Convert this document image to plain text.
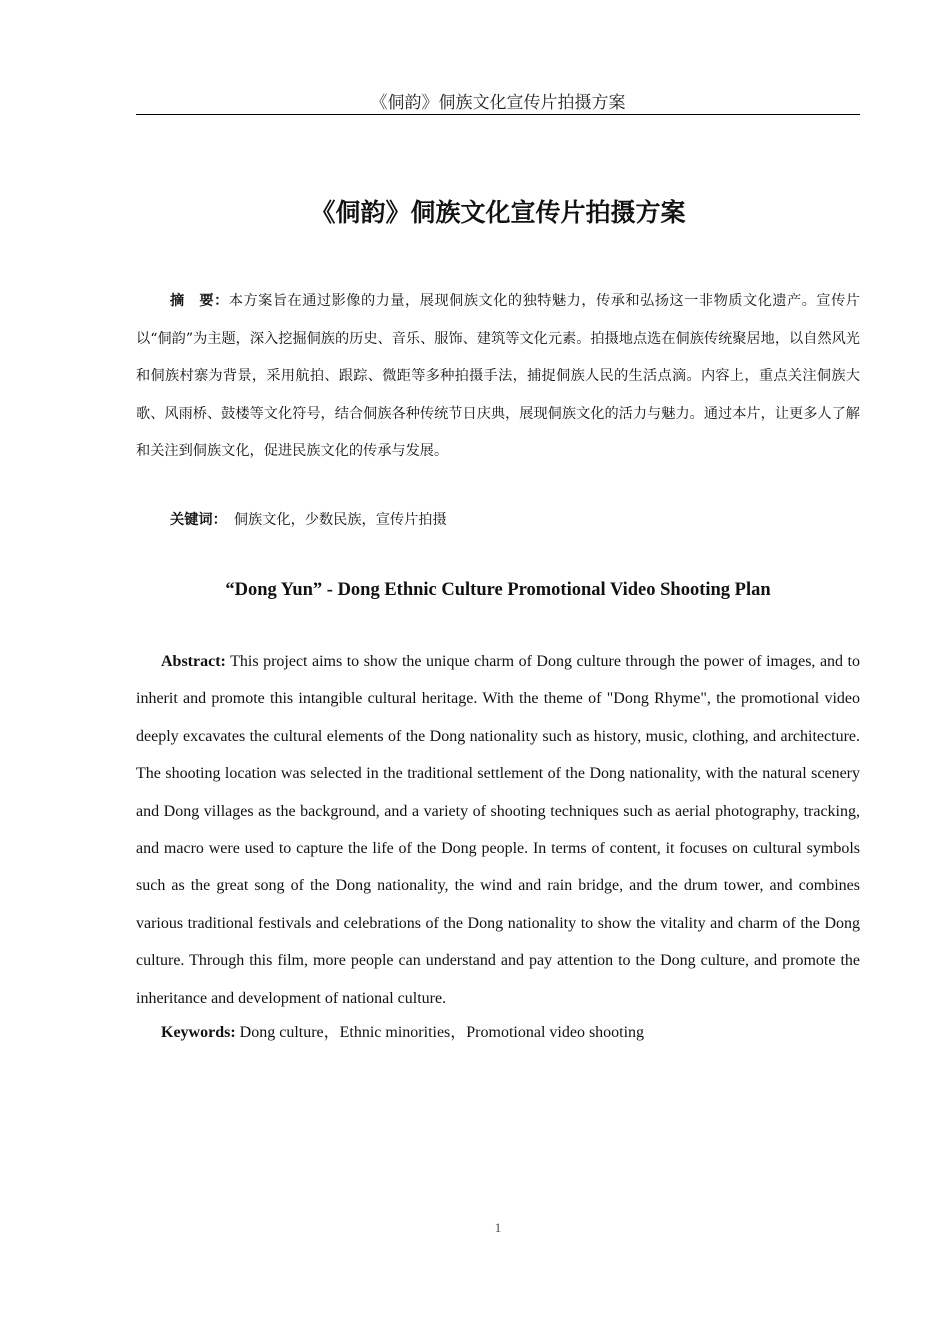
《侗韵》侗族文化宣传片拍摄方案
《侗韵》侗族文化宣传片拍摄方案

摘　要：本方案旨在通过影像的力量，展现侗族文化的独特魅力，传承和弘扬这一非物质文化遗产。宣传片以“侗韵”为主题，深入挖掘侗族的历史、音乐、服饰、建筑等文化元素。拍摄地点选在侗族传统聚居地，以自然风光和侗族村寨为背景，采用航拍、跟踪、微距等多种拍摄手法，捕捉侗族人民的生活点滴。内容上，重点关注侗族大歌、风雨桥、鼓楼等文化符号，结合侗族各种传统节日庆典，展现侗族文化的活力与魅力。通过本片，让更多人了解和关注到侗族文化，促进民族文化的传承与发展。

关键词：  侗族文化，少数民族，宣传片拍摄

“Dong Yun” - Dong Ethnic Culture Promotional Video Shooting Plan

Abstract: This project aims to show the unique charm of Dong culture through the power of images, and to inherit and promote this intangible cultural heritage. With the theme of "Dong Rhyme", the promotional video deeply excavates the cultural elements of the Dong nationality such as history, music, clothing, and architecture. The shooting location was selected in the traditional settlement of the Dong nationality, with the natural scenery and Dong villages as the background, and a variety of shooting techniques such as aerial photography, tracking, and macro were used to capture the life of the Dong people. In terms of content, it focuses on cultural symbols such as the great song of the Dong nationality, the wind and rain bridge, and the drum tower, and combines various traditional festivals and celebrations of the Dong nationality to show the vitality and charm of the Dong culture. Through this film, more people can understand and pay attention to the Dong culture, and promote the inheritance and development of national culture.

Keywords: Dong culture，Ethnic minorities，Promotional video shooting

1
